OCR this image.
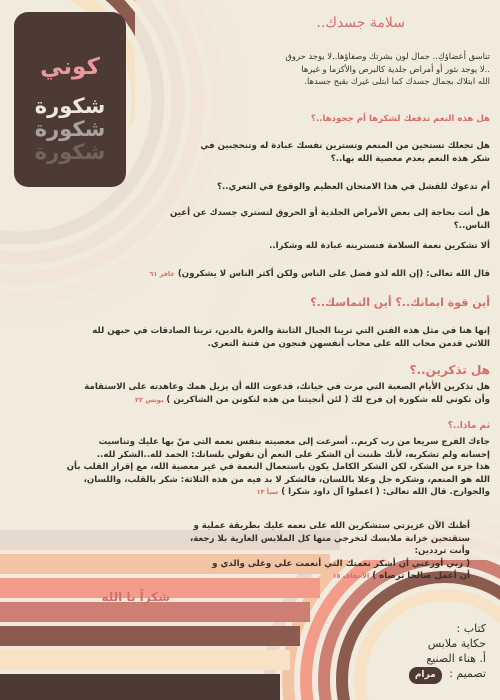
كوني
شكورة
شكورة
شكورة
سلامة جسدك..
تناسق أعضاؤكِ.. جمال لون بشرتك وصفاؤها..لا يوجد حروق
..لا يوجد بثور أو أمراض جلدية كالبرص والأكزما و غيرها
الله ابتلاك بجمال جسدك كما ابتلى غيرك بقبح جسدها.
هل هذه النعم تدفعك لشكرها أم جحودها..؟
هل تجعلك تستحين من المنعم وتسترين نفسك عبادة له وتنحجبين في
شكر هذه النعم بعدم معصية الله بها..؟
أم تدعوك للفشل في هذا الامتحان العظيم والوقوع في التعري..؟
هل أنت بحاجة إلى بعض الأمراض الجلدية أو الحروق لتستري جسدك عن أعين الناس..؟
ألا تشكرين نعمة السلامة فتسترينه عبادة لله وشكرا..
قال الله تعالى: (إن الله لذو فضل على الناس ولكن أكثر الناس لا يشكرون) غافر ٦١
أين قوة ايمانك..؟ أين التماسك..؟
إنها هنا في مثل هذه الفتن التي ترينا الجبال الثابتة والعزة بالدين، ترينا الصادقات في حبهن لله
اللاتي قدمن محاب الله على محاب أنفسهن فنجون من فتنة التعري.
هل تذكرين..؟
هل تذكرين الأيام الصعبة التي مرت في حياتك، فدعوت الله أن يزيل همك وعاهدته على الاستقامة
وأن تكوني لله شكورة إن فرج لك ( لئن أنجيتنا من هذه لنكونن من الشاكرين ) يونس ٢٢
ثم ماذا..؟
جاءك الفرج سريعا من رب كريم.. أسرعت إلى معصيته بنفس نعمه التي منّ بها عليك وتناسيت
إحسانه ولم تشكريه، لأنك ظننت أن الشكر على النعم أن تقولي بلسانك: الحمد لله..الشكر لله..
هذا جزء من الشكر، لكن الشكر الكامل يكون باستعمال النعمة في غير معصية الله، مع إقرار القلب بأن
الله هو المنعم، وشكره جل وعلا باللسان، فالشكر لا بد فيه من هذه الثلاثة: شكر بالقلب، واللسان،
والجوارح. قال الله تعالى: ( اعملوا آل داود شكرا ) سبأ ١٣
أظنك الآن عزيزتي ستشكرين الله على نعمه عليك بطريقة عملية و
ستقتحين خزانة ملابسك لتخرجي منها كل الملابس العارية بلا رجعة،
وأنت ترددين:
( ربي أوزعني أن أشكر نعمتك التي أنعمت علي وعلى والدي و
أن أعمل صالحا ترضاه ) الأحقاف ١٥
شكراً يا الله
كتاب :
حكاية ملابس
أ. هناء الصنيع
تصميم : مرام
